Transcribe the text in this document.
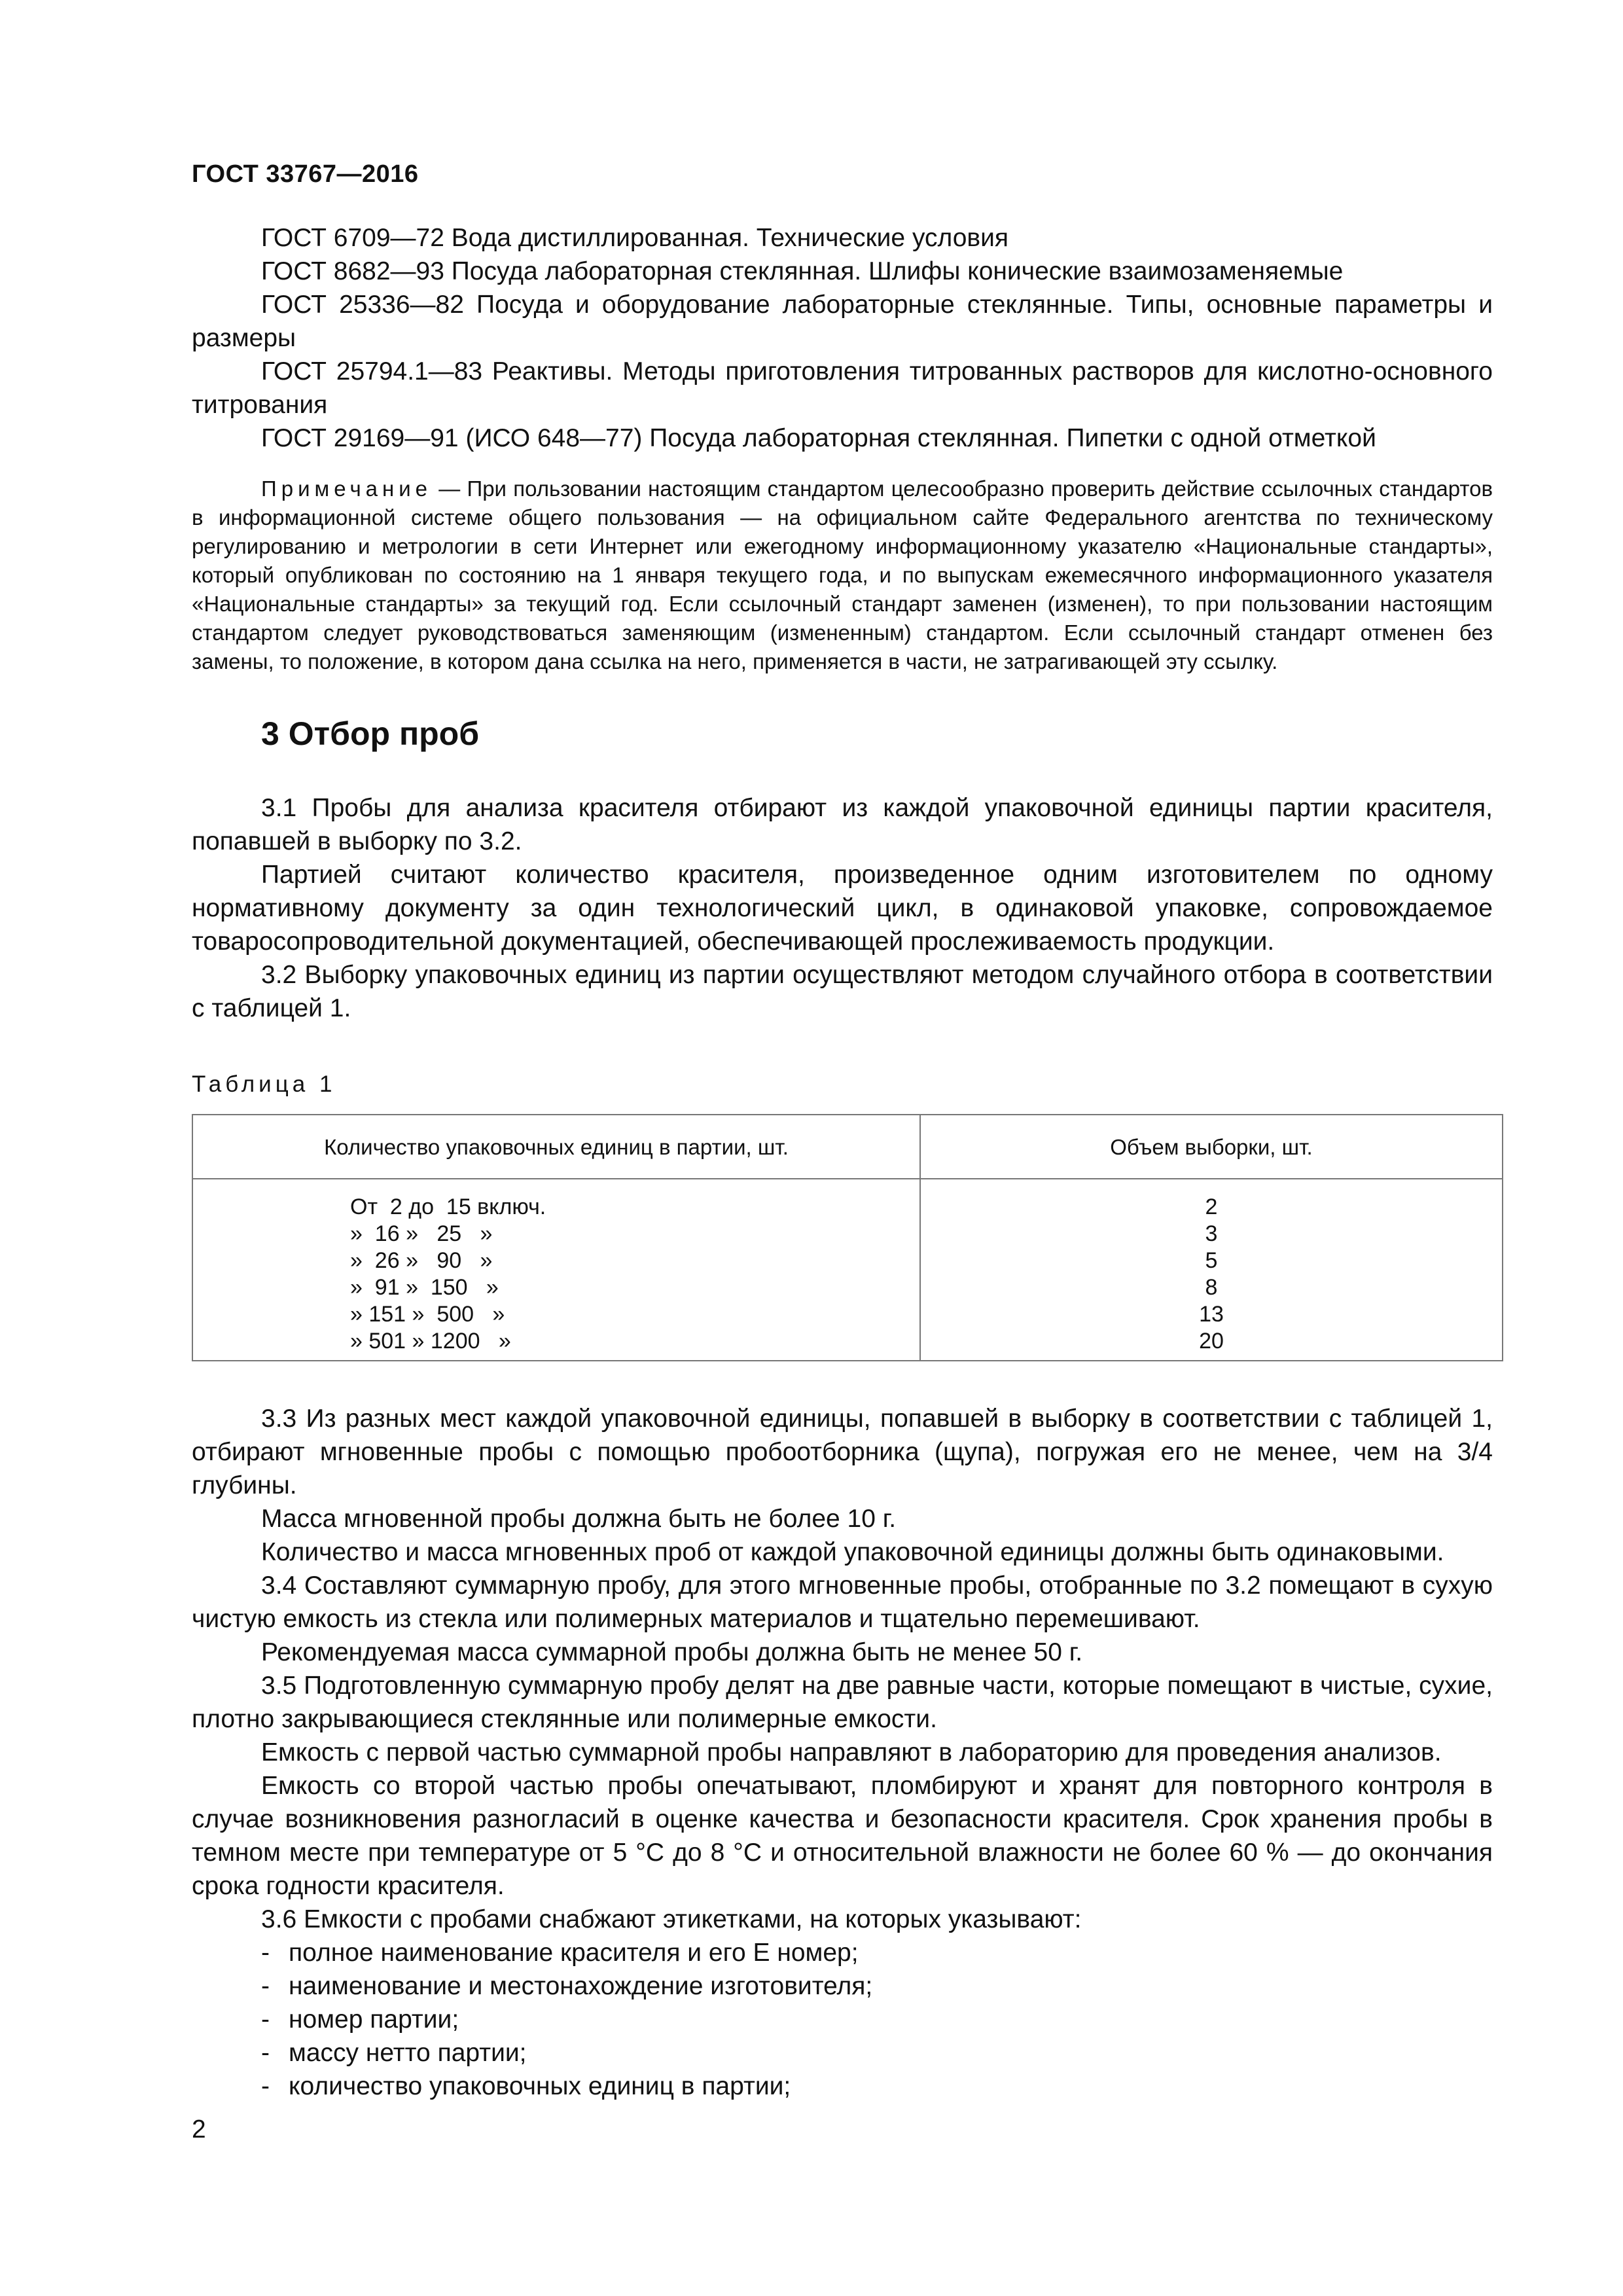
ГОСТ 33767—2016

ГОСТ 6709—72 Вода дистиллированная. Технические условия

ГОСТ 8682—93 Посуда лабораторная стеклянная. Шлифы конические взаимозаменяемые

ГОСТ 25336—82 Посуда и оборудование лабораторные стеклянные. Типы, основные параметры и размеры

ГОСТ 25794.1—83 Реактивы. Методы приготовления титрованных растворов для кислотно-основного титрования

ГОСТ 29169—91 (ИСО 648—77) Посуда лабораторная стеклянная. Пипетки с одной отметкой

Примечание — При пользовании настоящим стандартом целесообразно проверить действие ссылочных стандартов в информационной системе общего пользования — на официальном сайте Федерального агентства по техническому регулированию и метрологии в сети Интернет или ежегодному информационному указателю «Национальные стандарты», который опубликован по состоянию на 1 января текущего года, и по выпускам ежемесячного информационного указателя «Национальные стандарты» за текущий год. Если ссылочный стандарт заменен (изменен), то при пользовании настоящим стандартом следует руководствоваться заменяющим (измененным) стандартом. Если ссылочный стандарт отменен без замены, то положение, в котором дана ссылка на него, применяется в части, не затрагивающей эту ссылку.
3 Отбор проб

3.1 Пробы для анализа красителя отбирают из каждой упаковочной единицы партии красителя, попавшей в выборку по 3.2.

Партией считают количество красителя, произведенное одним изготовителем по одному нормативному документу за один технологический цикл, в одинаковой упаковке, сопровождаемое товаросопроводительной документацией, обеспечивающей прослеживаемость продукции.

3.2 Выборку упаковочных единиц из партии осуществляют методом случайного отбора в соответствии с таблицей 1.

Таблица 1
Количество упаковочных единиц в партии, шт.	Объем выборки, шт.
От  2 до  15 включ.	2
»  16 »   25   »	3
»  26 »   90   »	5
»  91 »  150   »	8
» 151 »  500   »	13
» 501 » 1200   »	20

3.3 Из разных мест каждой упаковочной единицы, попавшей в выборку в соответствии с таблицей 1, отбирают мгновенные пробы с помощью пробоотборника (щупа), погружая его не менее, чем на 3/4 глубины.

Масса мгновенной пробы должна быть не более 10 г.

Количество и масса мгновенных проб от каждой упаковочной единицы должны быть одинаковыми.

3.4 Составляют суммарную пробу, для этого мгновенные пробы, отобранные по 3.2 помещают в сухую чистую емкость из стекла или полимерных материалов и тщательно перемешивают.

Рекомендуемая масса суммарной пробы должна быть не менее 50 г.

3.5 Подготовленную суммарную пробу делят на две равные части, которые помещают в чистые, сухие, плотно закрывающиеся стеклянные или полимерные емкости.

Емкость с первой частью суммарной пробы направляют в лабораторию для проведения анализов.

Емкость со второй частью пробы опечатывают, пломбируют и хранят для повторного контроля в случае возникновения разногласий в оценке качества и безопасности красителя. Срок хранения пробы в темном месте при температуре от 5 °С до 8 °С и относительной влажности не более 60 % — до окончания срока годности красителя.

3.6 Емкости с пробами снабжают этикетками, на которых указывают:

- полное наименование красителя и его Е номер;

- наименование и местонахождение изготовителя;

- номер партии;

- массу нетто партии;

- количество упаковочных единиц в партии;

2
